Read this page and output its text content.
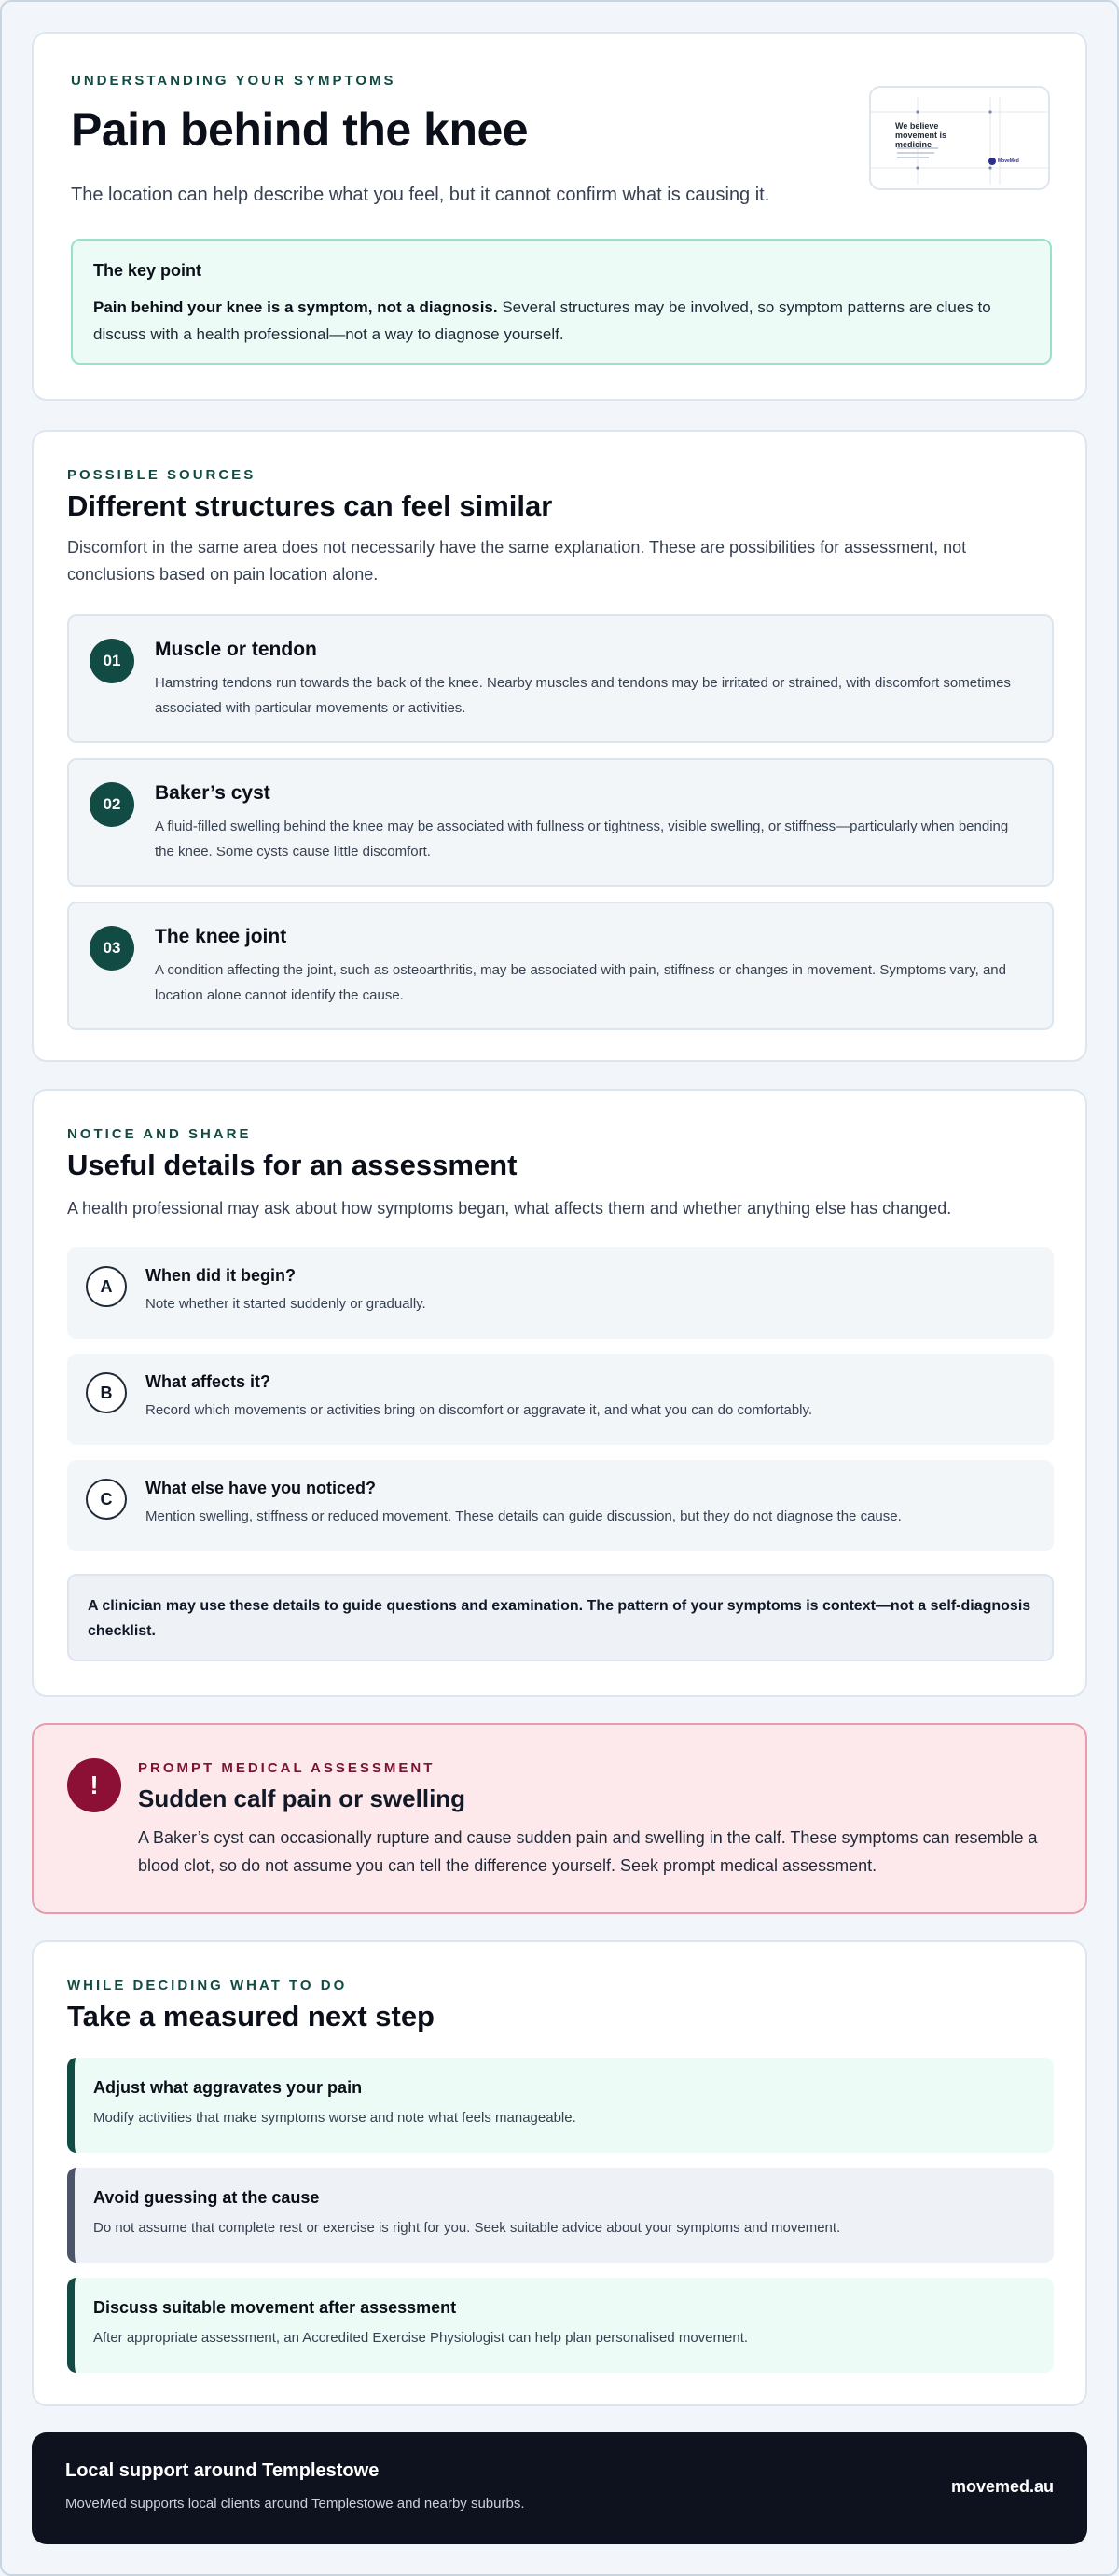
UNDERSTANDING YOUR SYMPTOMS
Pain behind the knee

The location can help describe what you feel, but it cannot confirm what is causing it.

We believe movement is medicine
MoveMed
The key point

Pain behind your knee is a symptom, not a diagnosis. Several structures may be involved, so symptom patterns are clues to discuss with a health professional—not a way to diagnose yourself.

POSSIBLE SOURCES
Different structures can feel similar

Discomfort in the same area does not necessarily have the same explanation. These are possibilities for assessment, not conclusions based on pain location alone.

01
Muscle or tendon
Hamstring tendons run towards the back of the knee. Nearby muscles and tendons may be irritated or strained, with discomfort sometimes associated with particular movements or activities.
02
Baker’s cyst
A fluid-filled swelling behind the knee may be associated with fullness or tightness, visible swelling, or stiffness—particularly when bending the knee. Some cysts cause little discomfort.
03
The knee joint
A condition affecting the joint, such as osteoarthritis, may be associated with pain, stiffness or changes in movement. Symptoms vary, and location alone cannot identify the cause.
NOTICE AND SHARE
Useful details for an assessment

A health professional may ask about how symptoms began, what affects them and whether anything else has changed.

A
When did it begin?
Note whether it started suddenly or gradually.
B
What affects it?
Record which movements or activities bring on discomfort or aggravate it, and what you can do comfortably.
C
What else have you noticed?
Mention swelling, stiffness or reduced movement. These details can guide discussion, but they do not diagnose the cause.
A clinician may use these details to guide questions and examination. The pattern of your symptoms is context—not a self-diagnosis checklist.
!
PROMPT MEDICAL ASSESSMENT
Sudden calf pain or swelling

A Baker’s cyst can occasionally rupture and cause sudden pain and swelling in the calf. These symptoms can resemble a blood clot, so do not assume you can tell the difference yourself. Seek prompt medical assessment.

WHILE DECIDING WHAT TO DO
Take a measured next step
Adjust what aggravates your pain
Modify activities that make symptoms worse and note what feels manageable.
Avoid guessing at the cause
Do not assume that complete rest or exercise is right for you. Seek suitable advice about your symptoms and movement.
Discuss suitable movement after assessment
After appropriate assessment, an Accredited Exercise Physiologist can help plan personalised movement.
Local support around Templestowe
MoveMed supports local clients around Templestowe and nearby suburbs.
movemed.au
